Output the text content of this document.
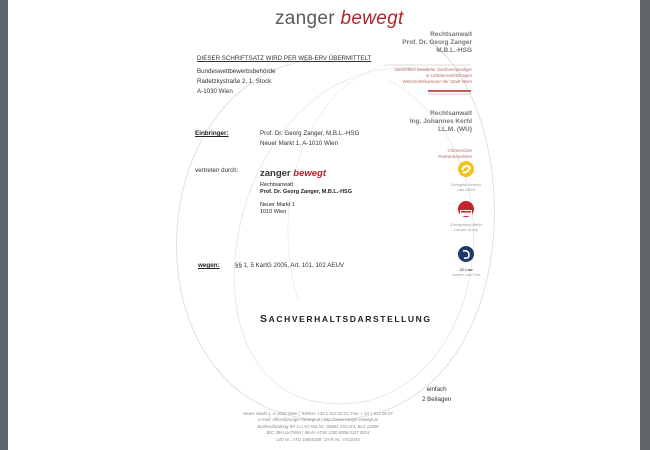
zanger bewegt
Rechtsanwalt
Prof. Dr. Georg Zanger
M.B.L.-HSG
Gerichtlich beeideter Sachverständiger
in Urheberrechtsfragen
Wirtschaftskammer der Stadt Wien
Rechtsanwalt
Ing. Johannes Kerhl
LL.M. (WU)
Chinesische
Partnerkanzleien
Shanghai Kerrwin
Law Office
Zhongchang Beilin
Lawyer Group
JC Law
Justice Law Firm
DIESER SCHRIFTSATZ WIRD PER WEB-ERV ÜBERMITTELT
Bundeswettbewerbsbehörde
Radetzkystraße 2, 1. Stock
A-1030 Wien
Einbringer:	Prof. Dr. Georg Zanger, M.B.L.-HSG
Neuer Markt 1, A-1010 Wien
vertreten durch: zanger bewegt
Rechtsanwalt
Prof. Dr. Georg Zanger, M.B.L.-HSG
Neuer Markt 1
1010 Wien
wegen: §§ 1, 5 KartG 2005, Art. 101, 102 AEUV
SACHVERHALTSDARSTELLUNG
einfach
2 Beilagen
Neuer Markt 1, A-1010 Wien ¦ Telefon: +43 1 513 02 22, Fax: + 43 1 513 98 07
e-mail: office@zanger-bewegt.at ¦ http://www.zanger-bewegt.at
Bankverbindung BA-CA AG Kto.Nr.: 00601 170 014, BLZ 12000
BIC: BKAUATWW ¦ IBAN: AT36 1200 0006 0117 0014
UID Nr.: ATU 10665208 ¦ DVR Nr.: 0723193
